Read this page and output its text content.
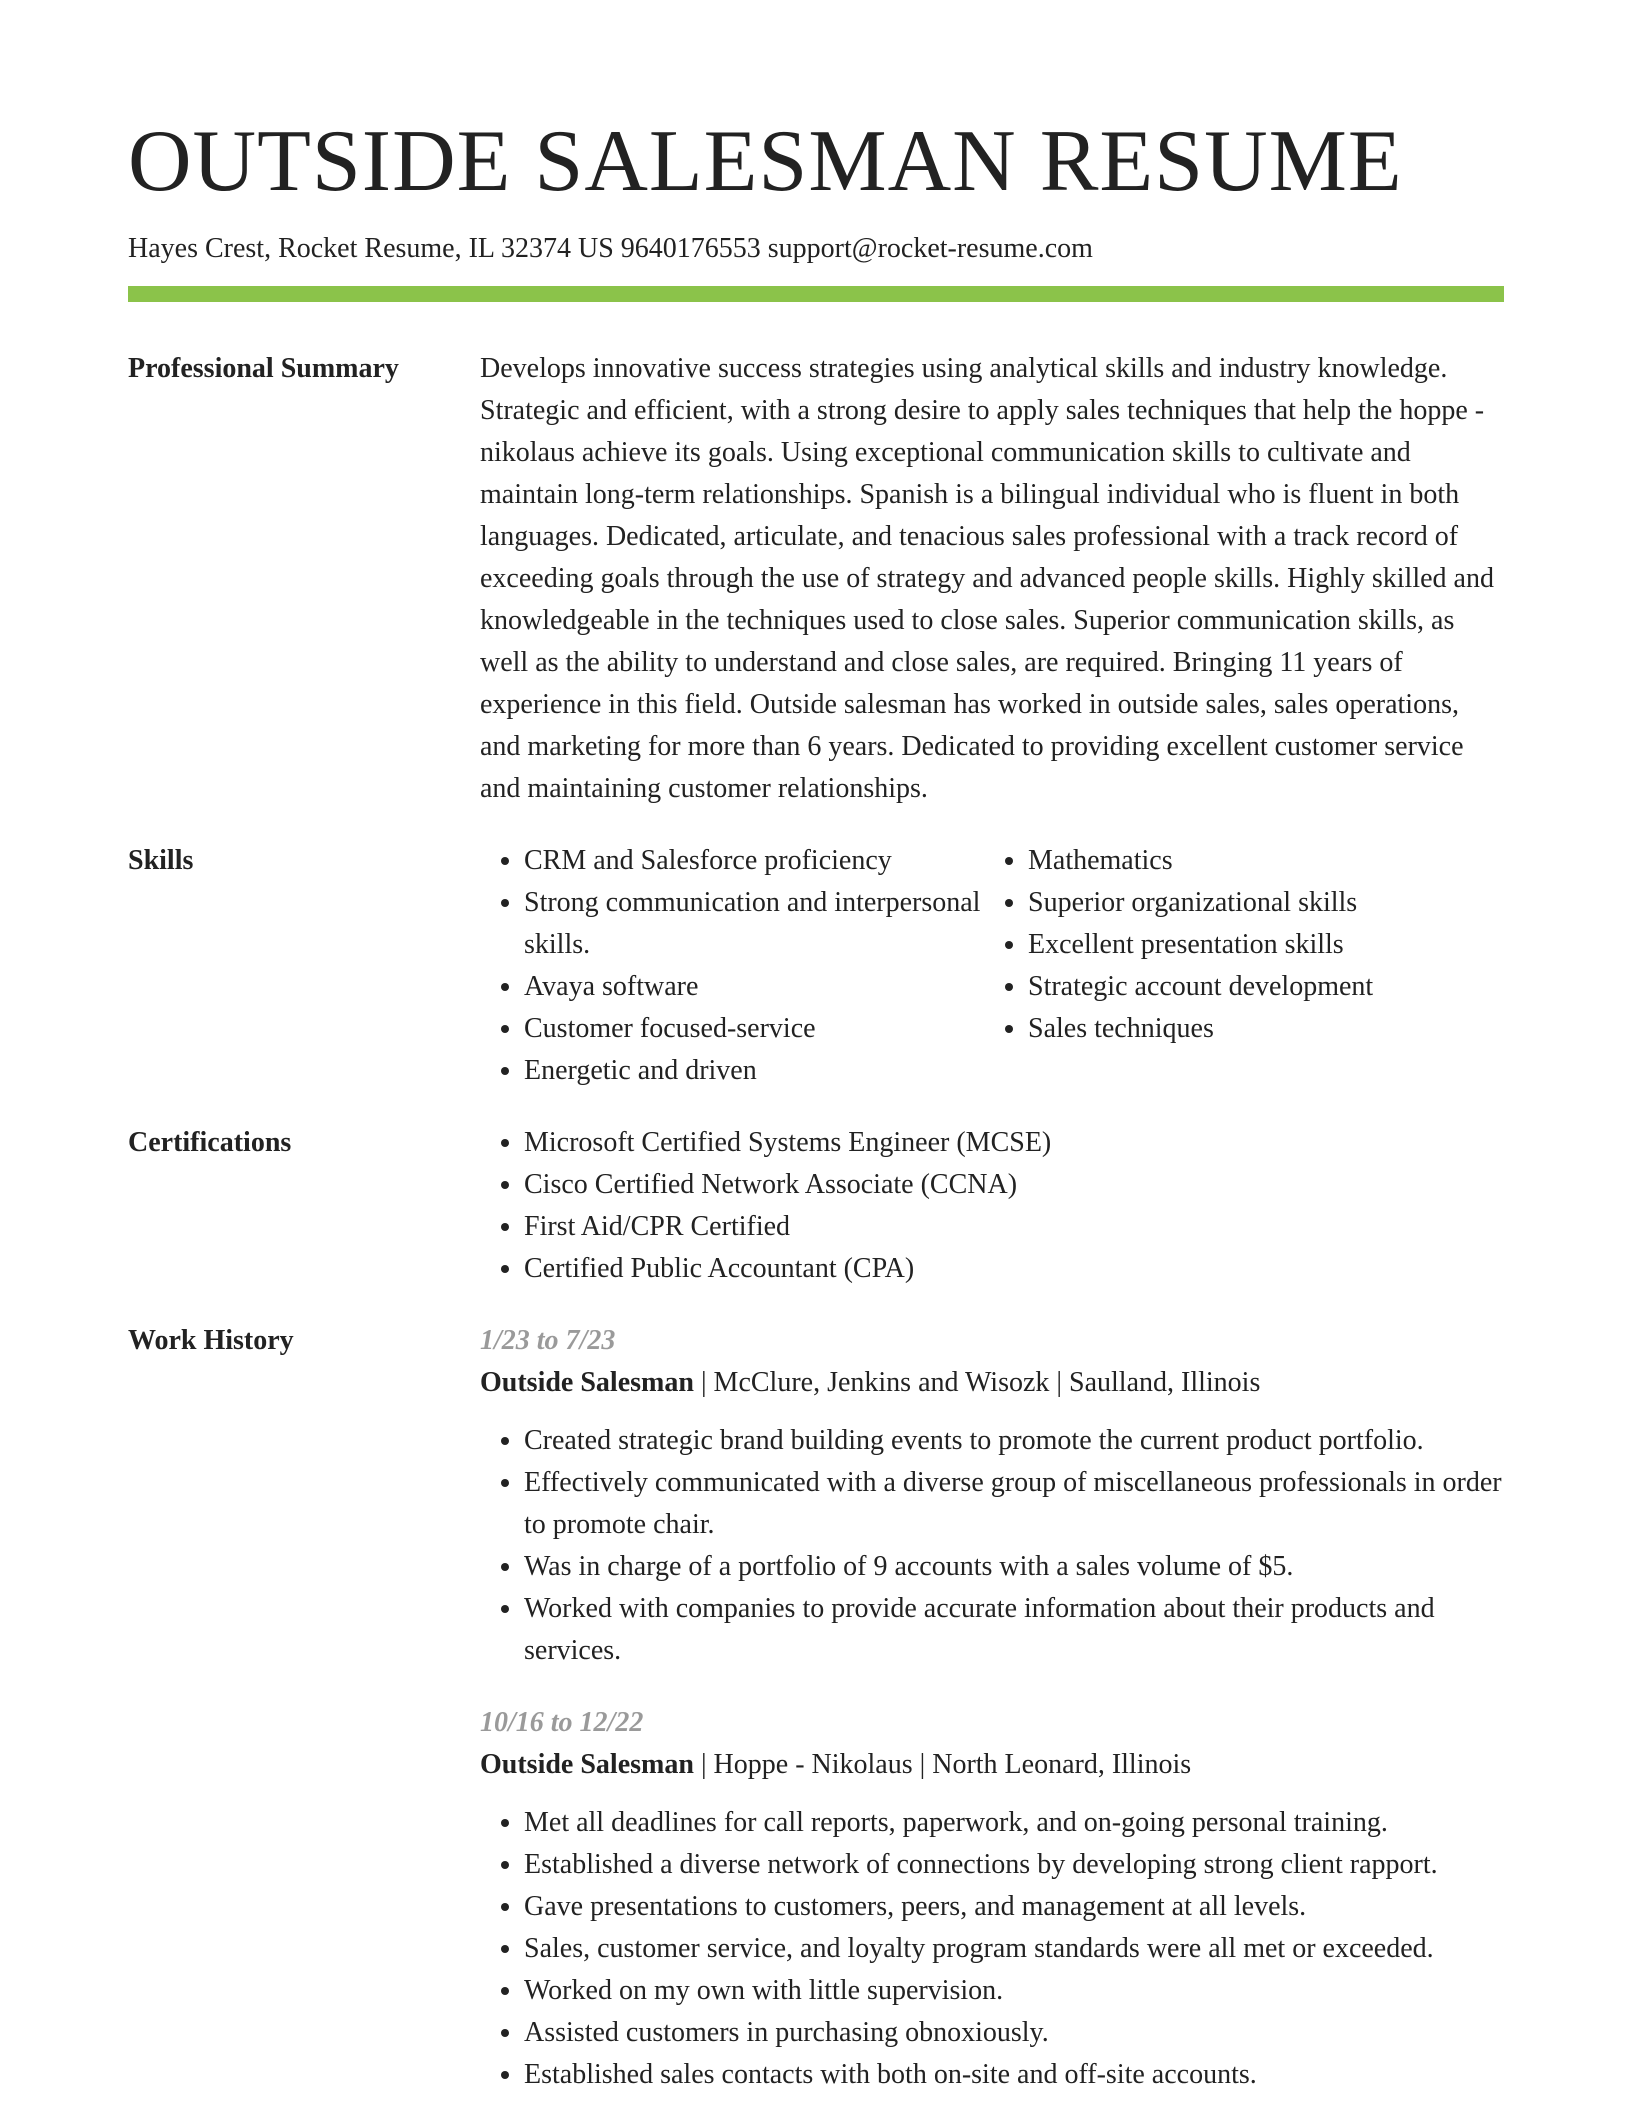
OUTSIDE SALESMAN RESUME
Hayes Crest, Rocket Resume, IL 32374 US 9640176553 support@rocket-resume.com
Professional Summary	Develops innovative success strategies using analytical skills and industry knowledge. Strategic and efficient, with a strong desire to apply sales techniques that help the hoppe - nikolaus achieve its goals. Using exceptional communication skills to cultivate and maintain long-term relationships. Spanish is a bilingual individual who is fluent in both languages. Dedicated, articulate, and tenacious sales professional with a track record of exceeding goals through the use of strategy and advanced people skills. Highly skilled and knowledgeable in the techniques used to close sales. Superior communication skills, as well as the ability to understand and close sales, are required. Bringing 11 years of experience in this field. Outside salesman has worked in outside sales, sales operations, and marketing for more than 6 years. Dedicated to providing excellent customer service and maintaining customer relationships.

Skills	• CRM and Salesforce proficiency
• Strong communication and interpersonal skills.
• Avaya software
• Customer focused-service
• Energetic and driven
• Mathematics
• Superior organizational skills
• Excellent presentation skills
• Strategic account development
• Sales techniques
Certifications	• Microsoft Certified Systems Engineer (MCSE)
• Cisco Certified Network Associate (CCNA)
• First Aid/CPR Certified
• Certified Public Accountant (CPA)
Work History	1/23 to 7/23
Outside Salesman | McClure, Jenkins and Wisozk | Saulland, Illinois
• Created strategic brand building events to promote the current product portfolio.
• Effectively communicated with a diverse group of miscellaneous professionals in order to promote chair.
• Was in charge of a portfolio of 9 accounts with a sales volume of $5.
• Worked with companies to provide accurate information about their products and services.
10/16 to 12/22
Outside Salesman | Hoppe - Nikolaus | North Leonard, Illinois
• Met all deadlines for call reports, paperwork, and on-going personal training.
• Established a diverse network of connections by developing strong client rapport.
• Gave presentations to customers, peers, and management at all levels.
• Sales, customer service, and loyalty program standards were all met or exceeded.
• Worked on my own with little supervision.
• Assisted customers in purchasing obnoxiously.
• Established sales contacts with both on-site and off-site accounts.
